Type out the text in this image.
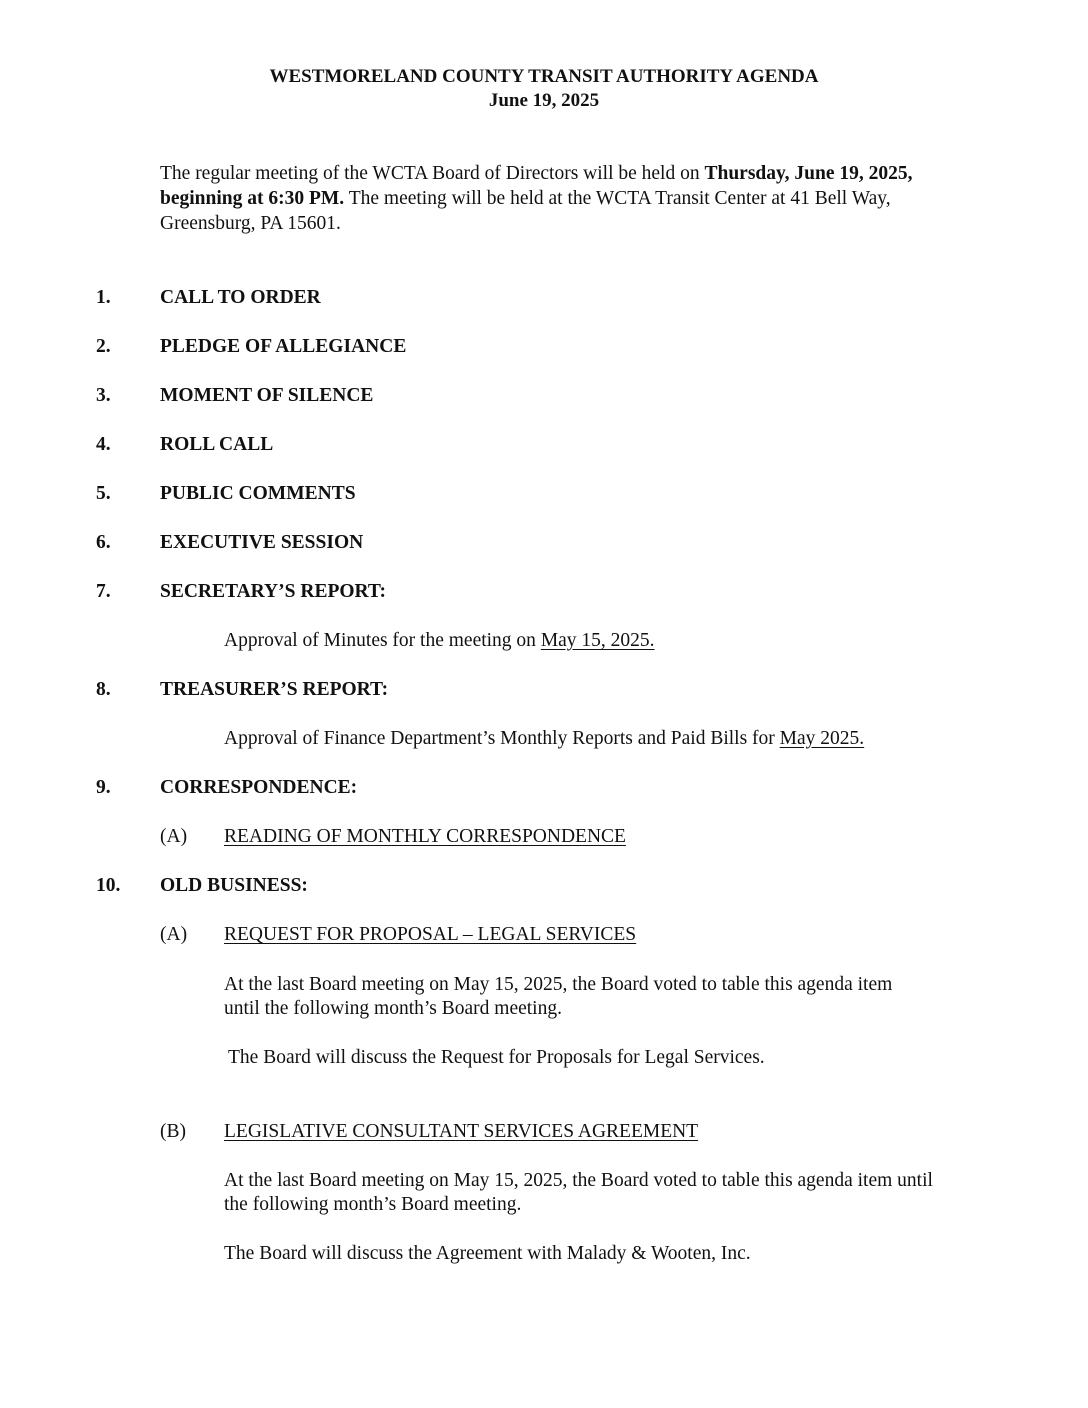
WESTMORELAND COUNTY TRANSIT AUTHORITY AGENDA
June 19, 2025
The regular meeting of the WCTA Board of Directors will be held on Thursday, June 19, 2025,
beginning at 6:30 PM. The meeting will be held at the WCTA Transit Center at 41 Bell Way,
Greensburg, PA 15601.
1.	CALL TO ORDER
2.	PLEDGE OF ALLEGIANCE
3.	MOMENT OF SILENCE
4.	ROLL CALL
5.	PUBLIC COMMENTS
6.	EXECUTIVE SESSION
7.	SECRETARY’S REPORT:
Approval of Minutes for the meeting on May 15, 2025.
8.	TREASURER’S REPORT:
Approval of Finance Department’s Monthly Reports and Paid Bills for May 2025.
9.	CORRESPONDENCE:
(A) READING OF MONTHLY CORRESPONDENCE
10. OLD BUSINESS:
(A) REQUEST FOR PROPOSAL – LEGAL SERVICES
At the last Board meeting on May 15, 2025, the Board voted to table this agenda item
until the following month’s Board meeting.
The Board will discuss the Request for Proposals for Legal Services.
(B) LEGISLATIVE CONSULTANT SERVICES AGREEMENT
At the last Board meeting on May 15, 2025, the Board voted to table this agenda item until
the following month’s Board meeting.
The Board will discuss the Agreement with Malady & Wooten, Inc.
